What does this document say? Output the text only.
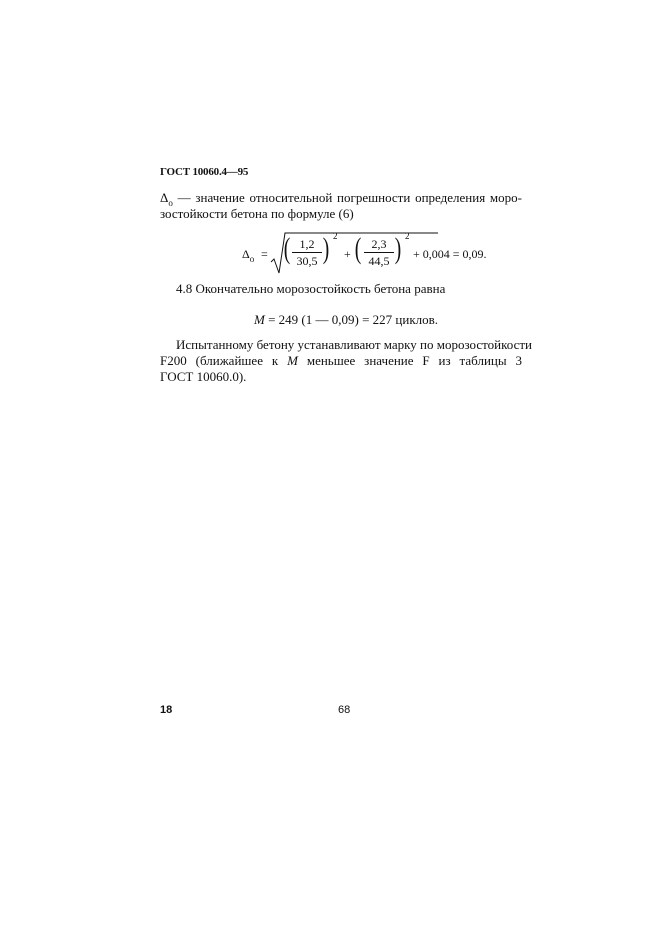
ГОСТ 10060.4—95
$\Delta_о$ — значение относительной погрешности определения моро-
зостойкости бетона по формуле (6)
$\Delta_о$ = ( 1,2
30,5 ) 2
+ ( 2,3
44,5 ) 2
+ 0,004 = 0,09.
4.8 Окончательно морозостойкость бетона равна
M = 249 (1 — 0,09) = 227 циклов.
Испытанному бетону устанавливают марку по морозостойкости
F200 (ближайшее к M меньшее значение F из таблицы 3
ГОСТ 10060.0).
18	68
